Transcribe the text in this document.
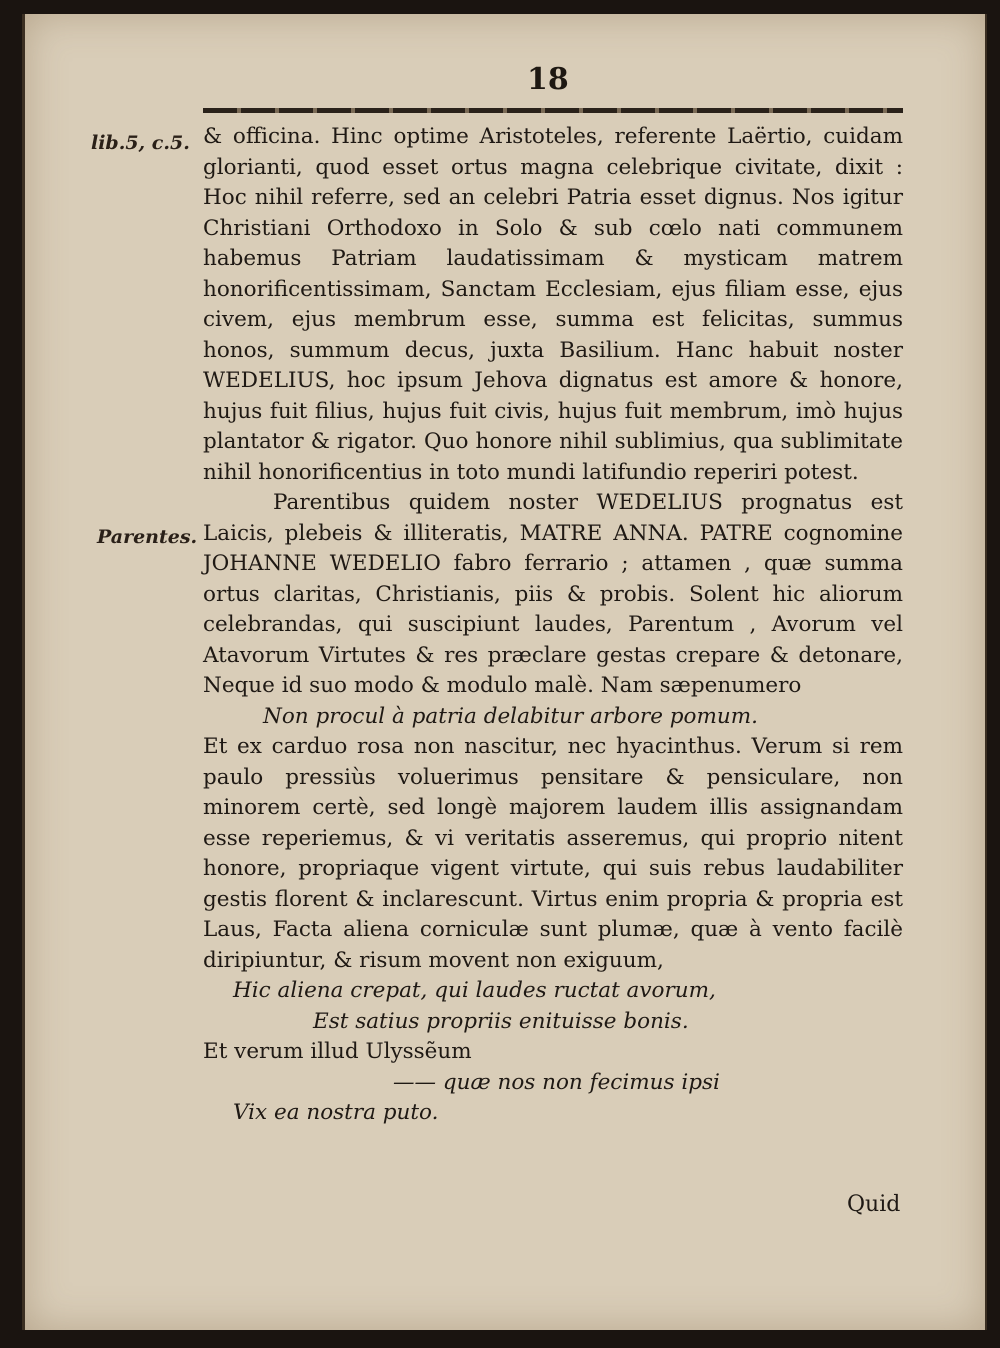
18
lib.5, c.5.
Parentes.

& officina. Hinc optime Aristoteles, referente Laërtio, cuidam glorianti, quod esset ortus magna celebrique civitate, dixit : Hoc nihil referre, sed an celebri Patria esset dignus. Nos igitur Christiani Orthodoxo in Solo & sub cœlo nati communem habemus Patriam laudatissimam & mysticam matrem honorificentissimam, Sanctam Ecclesiam, ejus filiam esse, ejus civem, ejus membrum esse, summa est felicitas, summus honos, summum decus, juxta Basilium. Hanc habuit noster WEDELIUS, hoc ipsum Jehova dignatus est amore & honore, hujus fuit filius, hujus fuit civis, hujus fuit membrum, imò hujus plantator & rigator. Quo honore nihil sublimius, qua sublimitate nihil honorificentius in toto mundi latifundio reperiri potest.

Parentibus quidem noster WEDELIUS prognatus est Laicis, plebeis & illiteratis, MATRE ANNA. PATRE cognomine JOHANNE WEDELIO fabro ferrario ; attamen , quæ summa ortus claritas, Christianis, piis & probis. Solent hic aliorum celebrandas, qui suscipiunt laudes, Parentum , Avorum vel Atavorum Virtutes & res præclare gestas crepare & detonare, Neque id suo modo & modulo malè. Nam sæpenumero

Non procul à patria delabitur arbore pomum.

Et ex carduo rosa non nascitur, nec hyacinthus. Verum si rem paulo pressiùs voluerimus pensitare & pensiculare, non minorem certè, sed longè majorem laudem illis assignandam esse reperiemus, & vi veritatis asseremus, qui proprio nitent honore, propriaque vigent virtute, qui suis rebus laudabiliter gestis florent & inclarescunt. Virtus enim propria & propria est Laus, Facta aliena corniculæ sunt plumæ, quæ à vento facilè diripiuntur, & risum movent non exiguum,

Hic aliena crepat, qui laudes ructat avorum,

Est satius propriis enituisse bonis.

Et verum illud Ulyssẽum

—— quæ nos non fecimus ipsi

Vix ea nostra puto.

Quid
